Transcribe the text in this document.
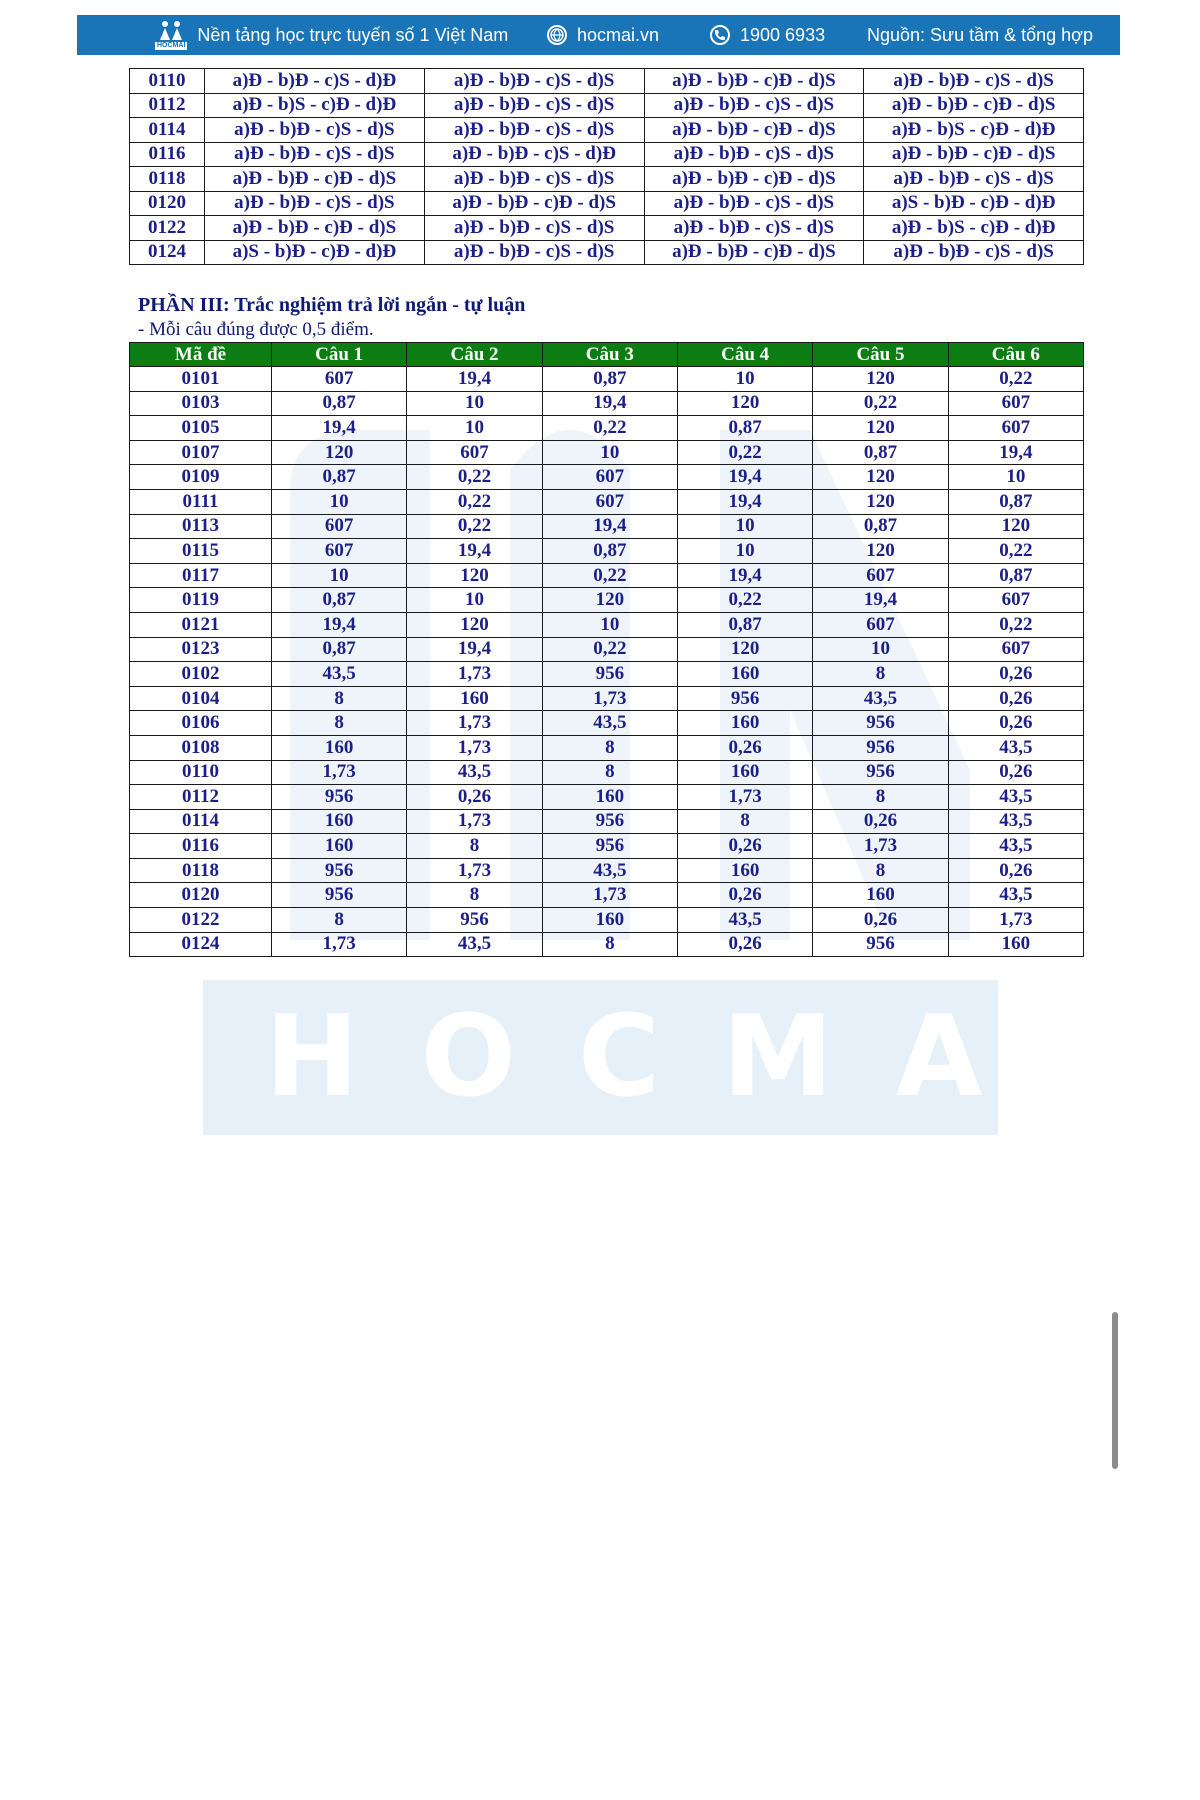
HOCMAI
Nền tảng học trực tuyến số 1 Việt Nam	hocmai.vn	1900 6933 Nguồn: Sưu tầm & tổng hợp
HOCMAI
0110	a)Đ - b)Đ - c)S - d)Đ	a)Đ - b)Đ - c)S - d)S	a)Đ - b)Đ - c)Đ - d)S	a)Đ - b)Đ - c)S - d)S
0112	a)Đ - b)S - c)Đ - d)Đ	a)Đ - b)Đ - c)S - d)S	a)Đ - b)Đ - c)S - d)S	a)Đ - b)Đ - c)Đ - d)S
0114	a)Đ - b)Đ - c)S - d)S	a)Đ - b)Đ - c)S - d)S	a)Đ - b)Đ - c)Đ - d)S	a)Đ - b)S - c)Đ - d)Đ
0116	a)Đ - b)Đ - c)S - d)S	a)Đ - b)Đ - c)S - d)Đ	a)Đ - b)Đ - c)S - d)S	a)Đ - b)Đ - c)Đ - d)S
0118	a)Đ - b)Đ - c)Đ - d)S	a)Đ - b)Đ - c)S - d)S	a)Đ - b)Đ - c)Đ - d)S	a)Đ - b)Đ - c)S - d)S
0120	a)Đ - b)Đ - c)S - d)S	a)Đ - b)Đ - c)Đ - d)S	a)Đ - b)Đ - c)S - d)S	a)S - b)Đ - c)Đ - d)Đ
0122	a)Đ - b)Đ - c)Đ - d)S	a)Đ - b)Đ - c)S - d)S	a)Đ - b)Đ - c)S - d)S	a)Đ - b)S - c)Đ - d)Đ
0124	a)S - b)Đ - c)Đ - d)Đ	a)Đ - b)Đ - c)S - d)S	a)Đ - b)Đ - c)Đ - d)S	a)Đ - b)Đ - c)S - d)S
PHẦN III: Trắc nghiệm trả lời ngắn - tự luận
- Mỗi câu đúng được 0,5 điểm.
Mã đề	Câu 1	Câu 2	Câu 3	Câu 4	Câu 5	Câu 6
0101	607	19,4	0,87	10	120	0,22
0103	0,87	10	19,4	120	0,22	607
0105	19,4	10	0,22	0,87	120	607
0107	120	607	10	0,22	0,87	19,4
0109	0,87	0,22	607	19,4	120	10
0111	10	0,22	607	19,4	120	0,87
0113	607	0,22	19,4	10	0,87	120
0115	607	19,4	0,87	10	120	0,22
0117	10	120	0,22	19,4	607	0,87
0119	0,87	10	120	0,22	19,4	607
0121	19,4	120	10	0,87	607	0,22
0123	0,87	19,4	0,22	120	10	607
0102	43,5	1,73	956	160	8	0,26
0104	8	160	1,73	956	43,5	0,26
0106	8	1,73	43,5	160	956	0,26
0108	160	1,73	8	0,26	956	43,5
0110	1,73	43,5	8	160	956	0,26
0112	956	0,26	160	1,73	8	43,5
0114	160	1,73	956	8	0,26	43,5
0116	160	8	956	0,26	1,73	43,5
0118	956	1,73	43,5	160	8	0,26
0120	956	8	1,73	0,26	160	43,5
0122	8	956	160	43,5	0,26	1,73
0124	1,73	43,5	8	0,26	956	160
